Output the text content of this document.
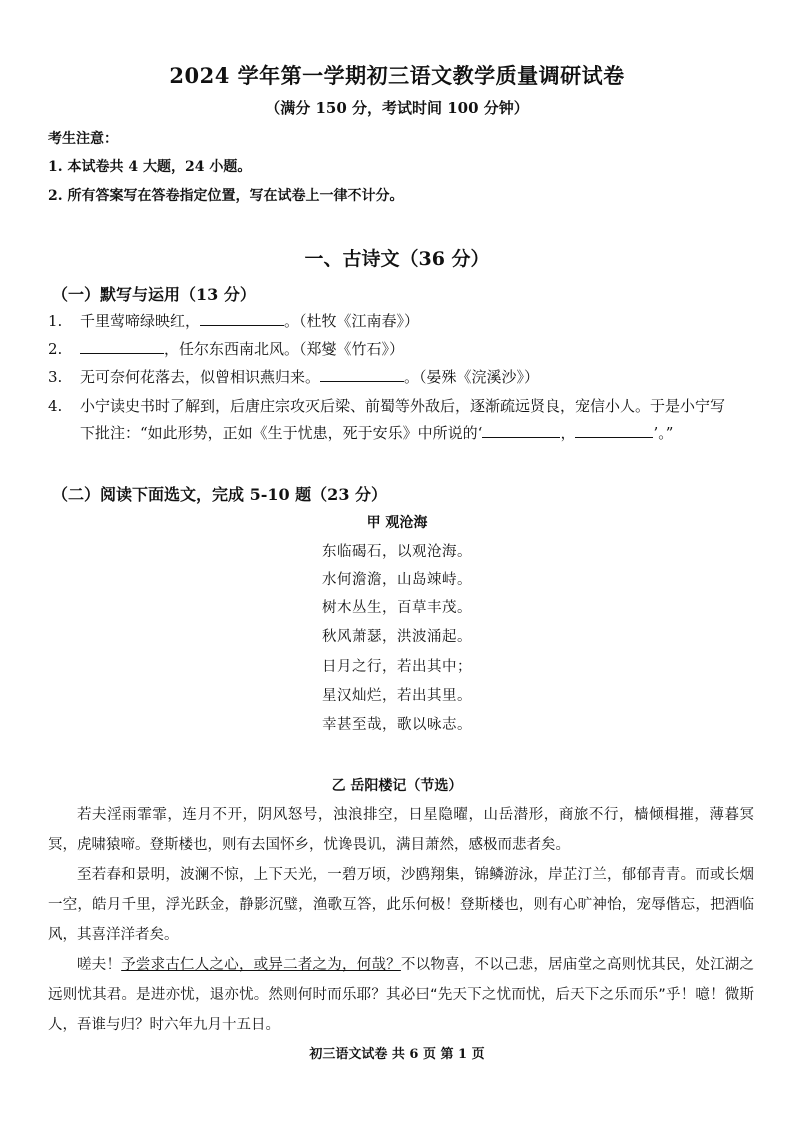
2024 学年第一学期初三语文教学质量调研试卷
（满分 150 分，考试时间 100 分钟）
考生注意：
1. 本试卷共 4 大题，24 小题。
2. 所有答案写在答卷指定位置，写在试卷上一律不计分。
一、古诗文（36 分）
（一）默写与运用（13 分）
1. 千里莺啼绿映红，	。（杜牧《江南春》）
2.	，任尔东西南北风。（郑燮《竹石》）
3. 无可奈何花落去，似曾相识燕归来。	。（晏殊《浣溪沙》）
4. 小宁读史书时了解到，后唐庄宗攻灭后梁、前蜀等外敌后，逐渐疏远贤良，宠信小人。于是小宁写
下批注：“如此形势，正如《生于忧患，死于安乐》中所说的‘	，	’。”
（二）阅读下面选文，完成 5-10 题（23 分）
甲 观沧海
东临碣石，以观沧海。
水何澹澹，山岛竦峙。
树木丛生，百草丰茂。
秋风萧瑟，洪波涌起。
日月之行，若出其中；
星汉灿烂，若出其里。
幸甚至哉，歌以咏志。
乙 岳阳楼记（节选）

若夫淫雨霏霏，连月不开，阴风怒号，浊浪排空，日星隐曜，山岳潜形，商旅不行，樯倾楫摧，薄暮冥冥，虎啸猿啼。登斯楼也，则有去国怀乡，忧谗畏讥，满目萧然，感极而悲者矣。

至若春和景明，波澜不惊，上下天光，一碧万顷，沙鸥翔集，锦鳞游泳，岸芷汀兰，郁郁青青。而或长烟一空，皓月千里，浮光跃金，静影沉璧，渔歌互答，此乐何极！登斯楼也，则有心旷神怡，宠辱偕忘，把酒临风，其喜洋洋者矣。

嗟夫！予尝求古仁人之心，或异二者之为，何哉？不以物喜，不以己悲，居庙堂之高则忧其民，处江湖之远则忧其君。是进亦忧，退亦忧。然则何时而乐耶？其必曰“先天下之忧而忧，后天下之乐而乐”乎！噫！微斯人，吾谁与归？时六年九月十五日。

初三语文试卷 共 6 页 第 1 页
